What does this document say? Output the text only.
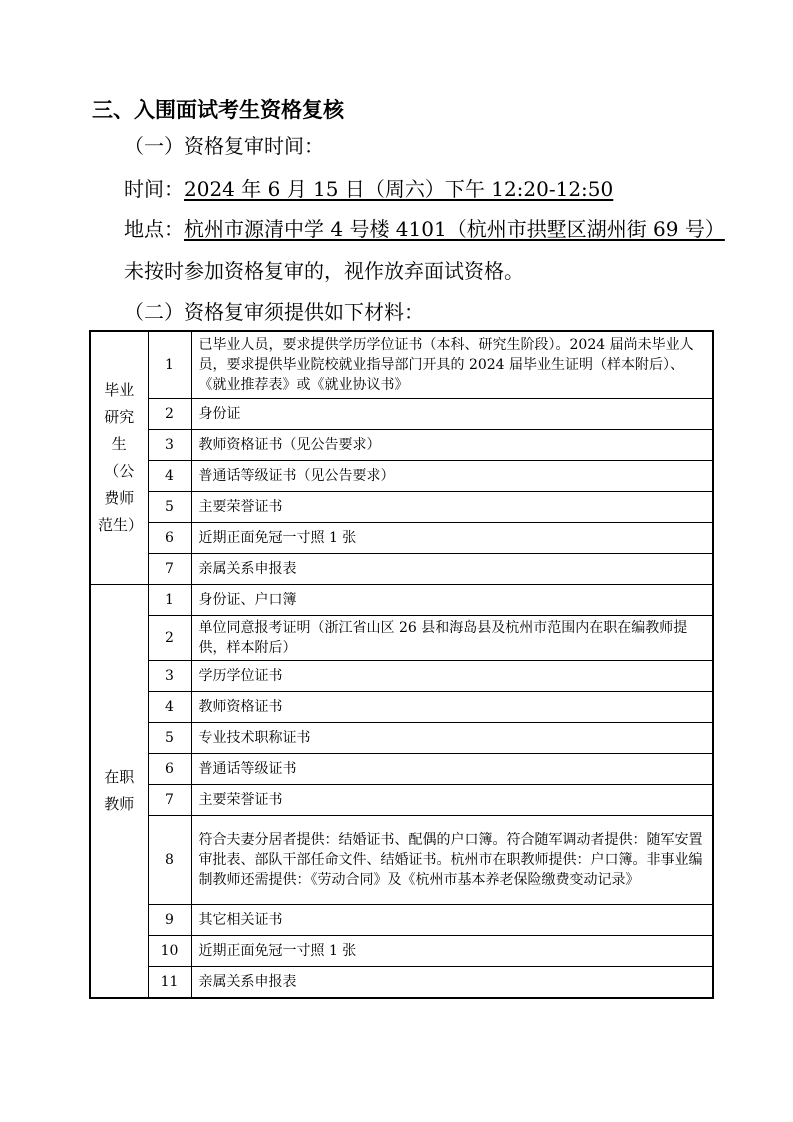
三、入围面试考生资格复核
（一）资格复审时间：
时间：2024 年 6 月 15 日（周六）下午 12:20-12:50
地点：杭州市源清中学 4 号楼 4101（杭州市拱墅区湖州街 69 号）
未按时参加资格复审的，视作放弃面试资格。
（二）资格复审须提供如下材料：
毕业
研究
生（公
费师
范生）	1	已毕业人员，要求提供学历学位证书（本科、研究生阶段）。2024 届尚未毕业人员，要求提供毕业院校就业指导部门开具的 2024 届毕业生证明（样本附后）、《就业推荐表》或《就业协议书》
	2	身份证
	3	教师资格证书（见公告要求）
	4	普通话等级证书（见公告要求）
	5	主要荣誉证书
	6	近期正面免冠一寸照 1 张
	7	亲属关系申报表
在职
教师	1	身份证、户口簿
	2	单位同意报考证明（浙江省山区 26 县和海岛县及杭州市范围内在职在编教师提供，样本附后）
	3	学历学位证书
	4	教师资格证书
	5	专业技术职称证书
	6	普通话等级证书
	7	主要荣誉证书
	8	符合夫妻分居者提供：结婚证书、配偶的户口簿。符合随军调动者提供：随军安置审批表、部队干部任命文件、结婚证书。杭州市在职教师提供：户口簿。非事业编制教师还需提供：《劳动合同》及《杭州市基本养老保险缴费变动记录》
	9	其它相关证书
	10	近期正面免冠一寸照 1 张
	11	亲属关系申报表
